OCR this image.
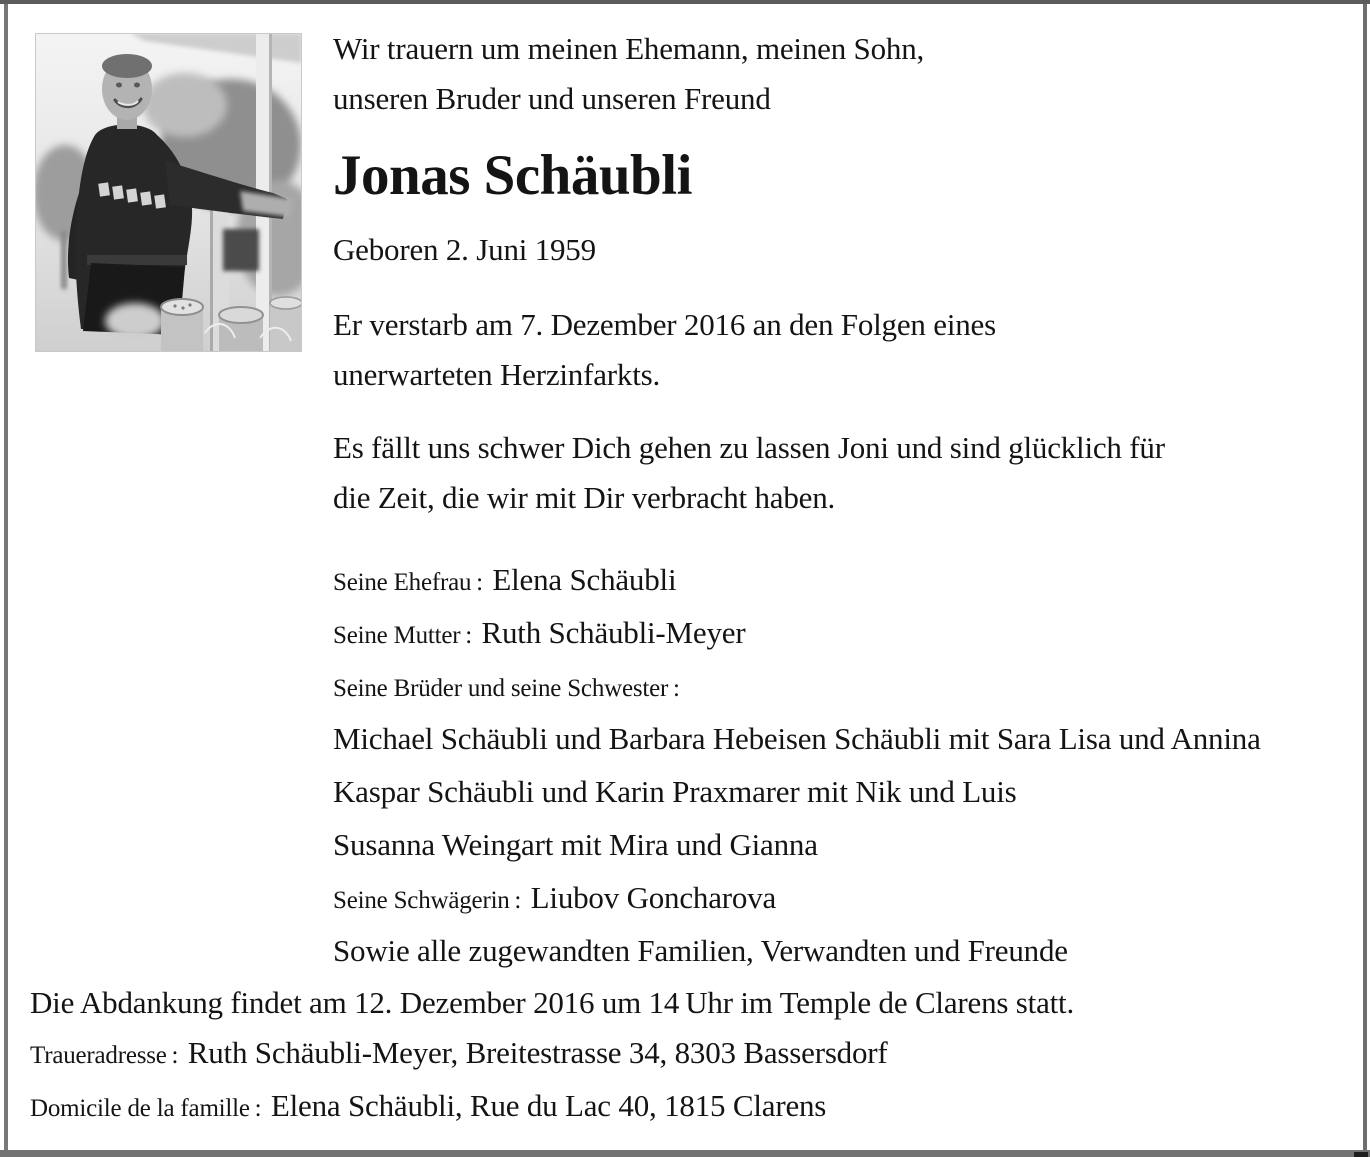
Wir trauern um meinen Ehemann, meinen Sohn,
unseren Bruder und unseren Freund
Jonas Schäubli
Geboren 2. Juni 1959
Er verstarb am 7. Dezember 2016 an den Folgen eines
unerwarteten Herzinfarkts.
Es fällt uns schwer Dich gehen zu lassen Joni und sind glücklich für
die Zeit, die wir mit Dir verbracht haben.
Seine Ehefrau : Elena Schäubli
Seine Mutter : Ruth Schäubli-Meyer
Seine Brüder und seine Schwester :
Michael Schäubli und Barbara Hebeisen Schäubli mit Sara Lisa und Annina
Kaspar Schäubli und Karin Praxmarer mit Nik und Luis
Susanna Weingart mit Mira und Gianna
Seine Schwägerin : Liubov Goncharova
Sowie alle zugewandten Familien, Verwandten und Freunde
Die Abdankung findet am 12. Dezember 2016 um 14 Uhr im Temple de Clarens statt.
Traueradresse : Ruth Schäubli-Meyer, Breitestrasse 34, 8303 Bassersdorf
Domicile de la famille : Elena Schäubli, Rue du Lac 40, 1815 Clarens
